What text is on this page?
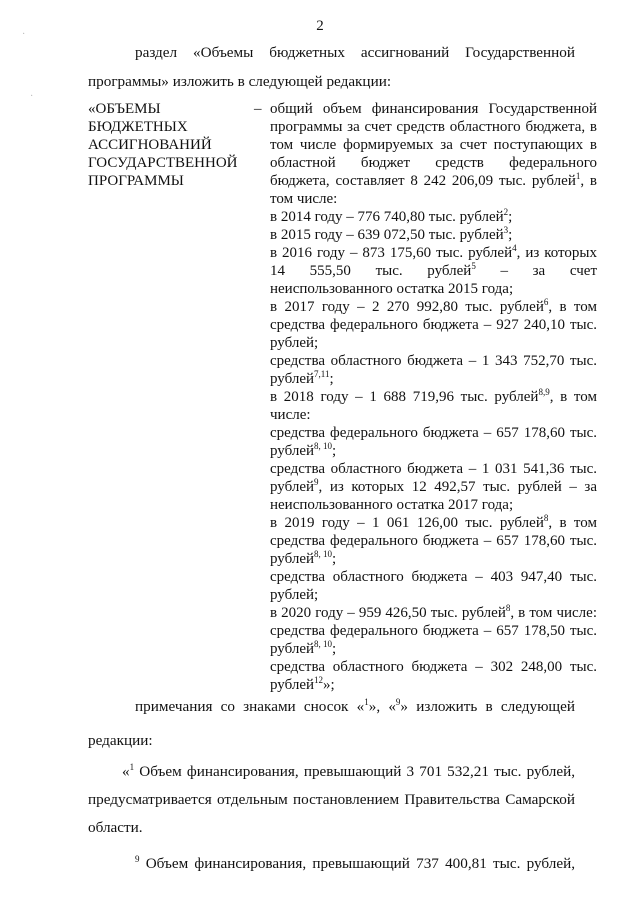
·
·
2
раздел «Объемы бюджетных ассигнований Государственной
программы» изложить в следующей редакции:
«ОБЪЕМЫ
БЮДЖЕТНЫХ
АССИГНОВАНИЙ
ГОСУДАРСТВЕННОЙ
ПРОГРАММЫ
– общий объем финансирования Государственной
программы за счет средств областного бюджета, в
том числе формируемых за счет поступающих в
областной бюджет средств федерального
бюджета, составляет 8 242 206,09 тыс. рублей$^1$, в
том числе:
в 2014 году – 776 740,80 тыс. рублей$^2$;
в 2015 году – 639 072,50 тыс. рублей$^3$;
в 2016 году – 873 175,60 тыс. рублей$^4$, из которых
14 555,50 тыс. рублей$^5$ – за счет
неиспользованного остатка 2015 года;
в 2017 году – 2 270 992,80 тыс. рублей$^6$, в том
средства федерального бюджета – 927 240,10 тыс.
рублей;
средства областного бюджета – 1 343 752,70 тыс.
рублей$^{7,11}$;
в 2018 году – 1 688 719,96 тыс. рублей$^{8,9}$, в том
числе:
средства федерального бюджета – 657 178,60 тыс.
рублей$^{8, 10}$;
средства областного бюджета – 1 031 541,36 тыс.
рублей$^9$, из которых 12 492,57 тыс. рублей – за
неиспользованного остатка 2017 года;
в 2019 году – 1 061 126,00 тыс. рублей$^8$, в том
средства федерального бюджета – 657 178,60 тыс.
рублей$^{8, 10}$;
средства областного бюджета – 403 947,40 тыс.
рублей;
в 2020 году – 959 426,50 тыс. рублей$^8$, в том числе:
средства федерального бюджета – 657 178,50 тыс.
рублей$^{8, 10}$;
средства областного бюджета – 302 248,00 тыс.
рублей$^{12}$»;
примечания со знаками сносок «$^1$», «$^9$» изложить в следующей
редакции:
«$^1$ Объем финансирования, превышающий 3 701 532,21 тыс. рублей,
предусматривается отдельным постановлением Правительства Самарской
области.
$^9$ Объем финансирования, превышающий 737 400,81 тыс. рублей,
